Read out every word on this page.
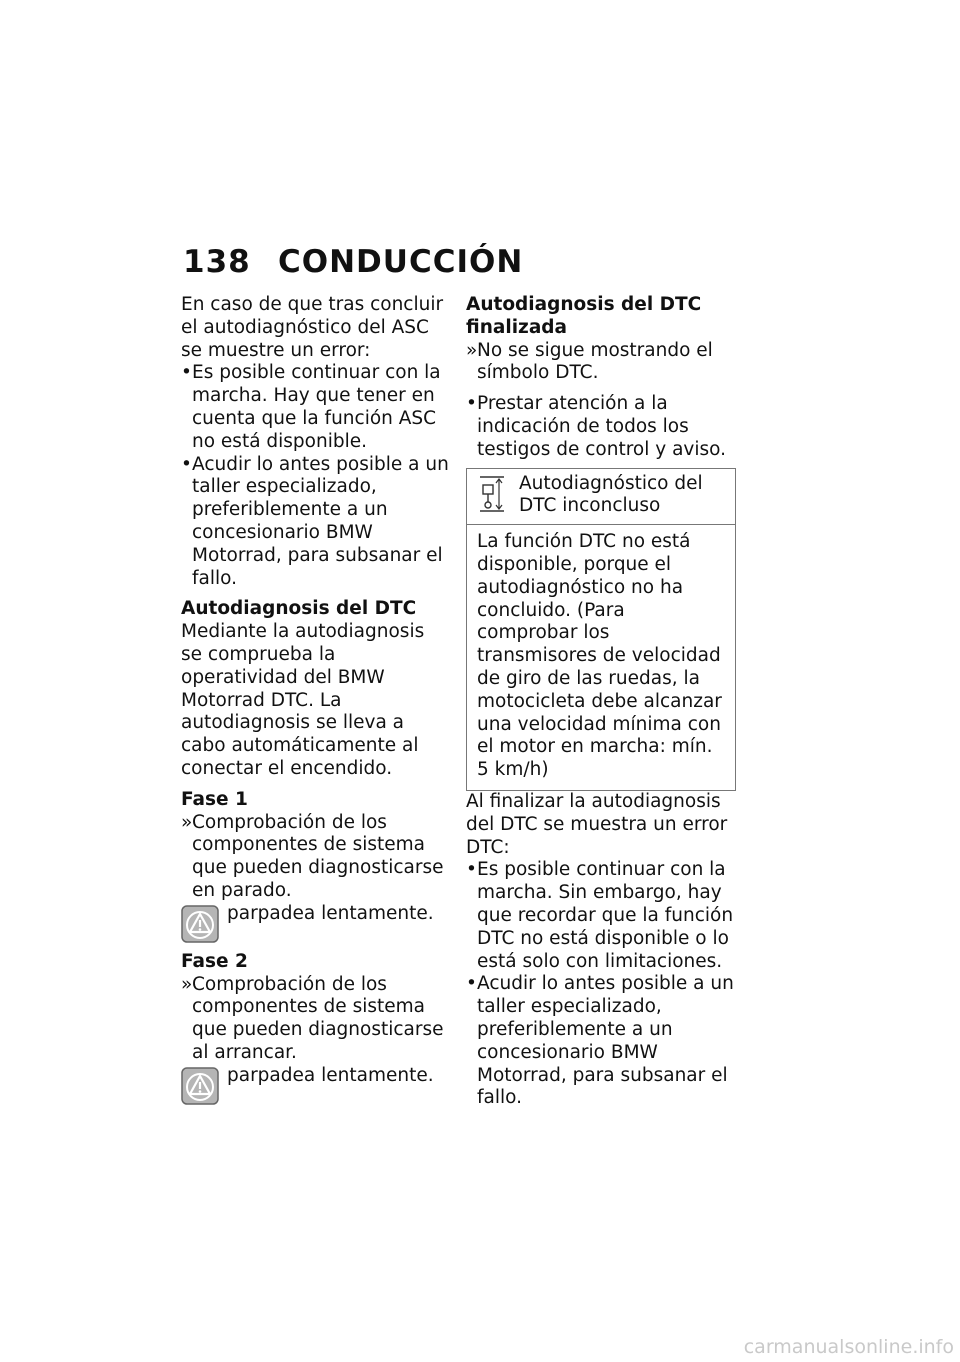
138 CONDUCCIÓN

En caso de que tras concluir el autodiagnóstico del ASC se muestre un error:

• Es posible continuar con la marcha. Hay que tener en cuenta que la función ASC no está disponible.
• Acudir lo antes posible a un taller especializado, preferiblemente a un concesionario BMW Motorrad, para subsanar el fallo.

Autodiagnosis del DTC

Mediante la autodiagnosis se comprueba la operatividad del BMW Motorrad DTC. La autodiagnosis se lleva a cabo automáticamente al conectar el encendido.

Fase 1

» Comprobación de los componentes de sistema que pueden diagnosticarse en parado.
parpadea lentamente.

Fase 2

» Comprobación de los componentes de sistema que pueden diagnosticarse al arrancar.
parpadea lentamente.

Autodiagnosis del DTC finalizada

» No se sigue mostrando el símbolo DTC.
• Prestar atención a la indicación de todos los testigos de control y aviso.
Autodiagnóstico del DTC inconcluso
La función DTC no está disponible, porque el autodiagnóstico no ha concluido. (Para comprobar los transmisores de velocidad de giro de las ruedas, la motocicleta debe alcanzar una velocidad mínima con el motor en marcha: mín. 5 km/h)

Al finalizar la autodiagnosis del DTC se muestra un error DTC:

• Es posible continuar con la marcha. Sin embargo, hay que recordar que la función DTC no está disponible o lo está solo con limitaciones.
• Acudir lo antes posible a un taller especializado, preferiblemente a un concesionario BMW Motorrad, para subsanar el fallo.
carmanualsonline.info
